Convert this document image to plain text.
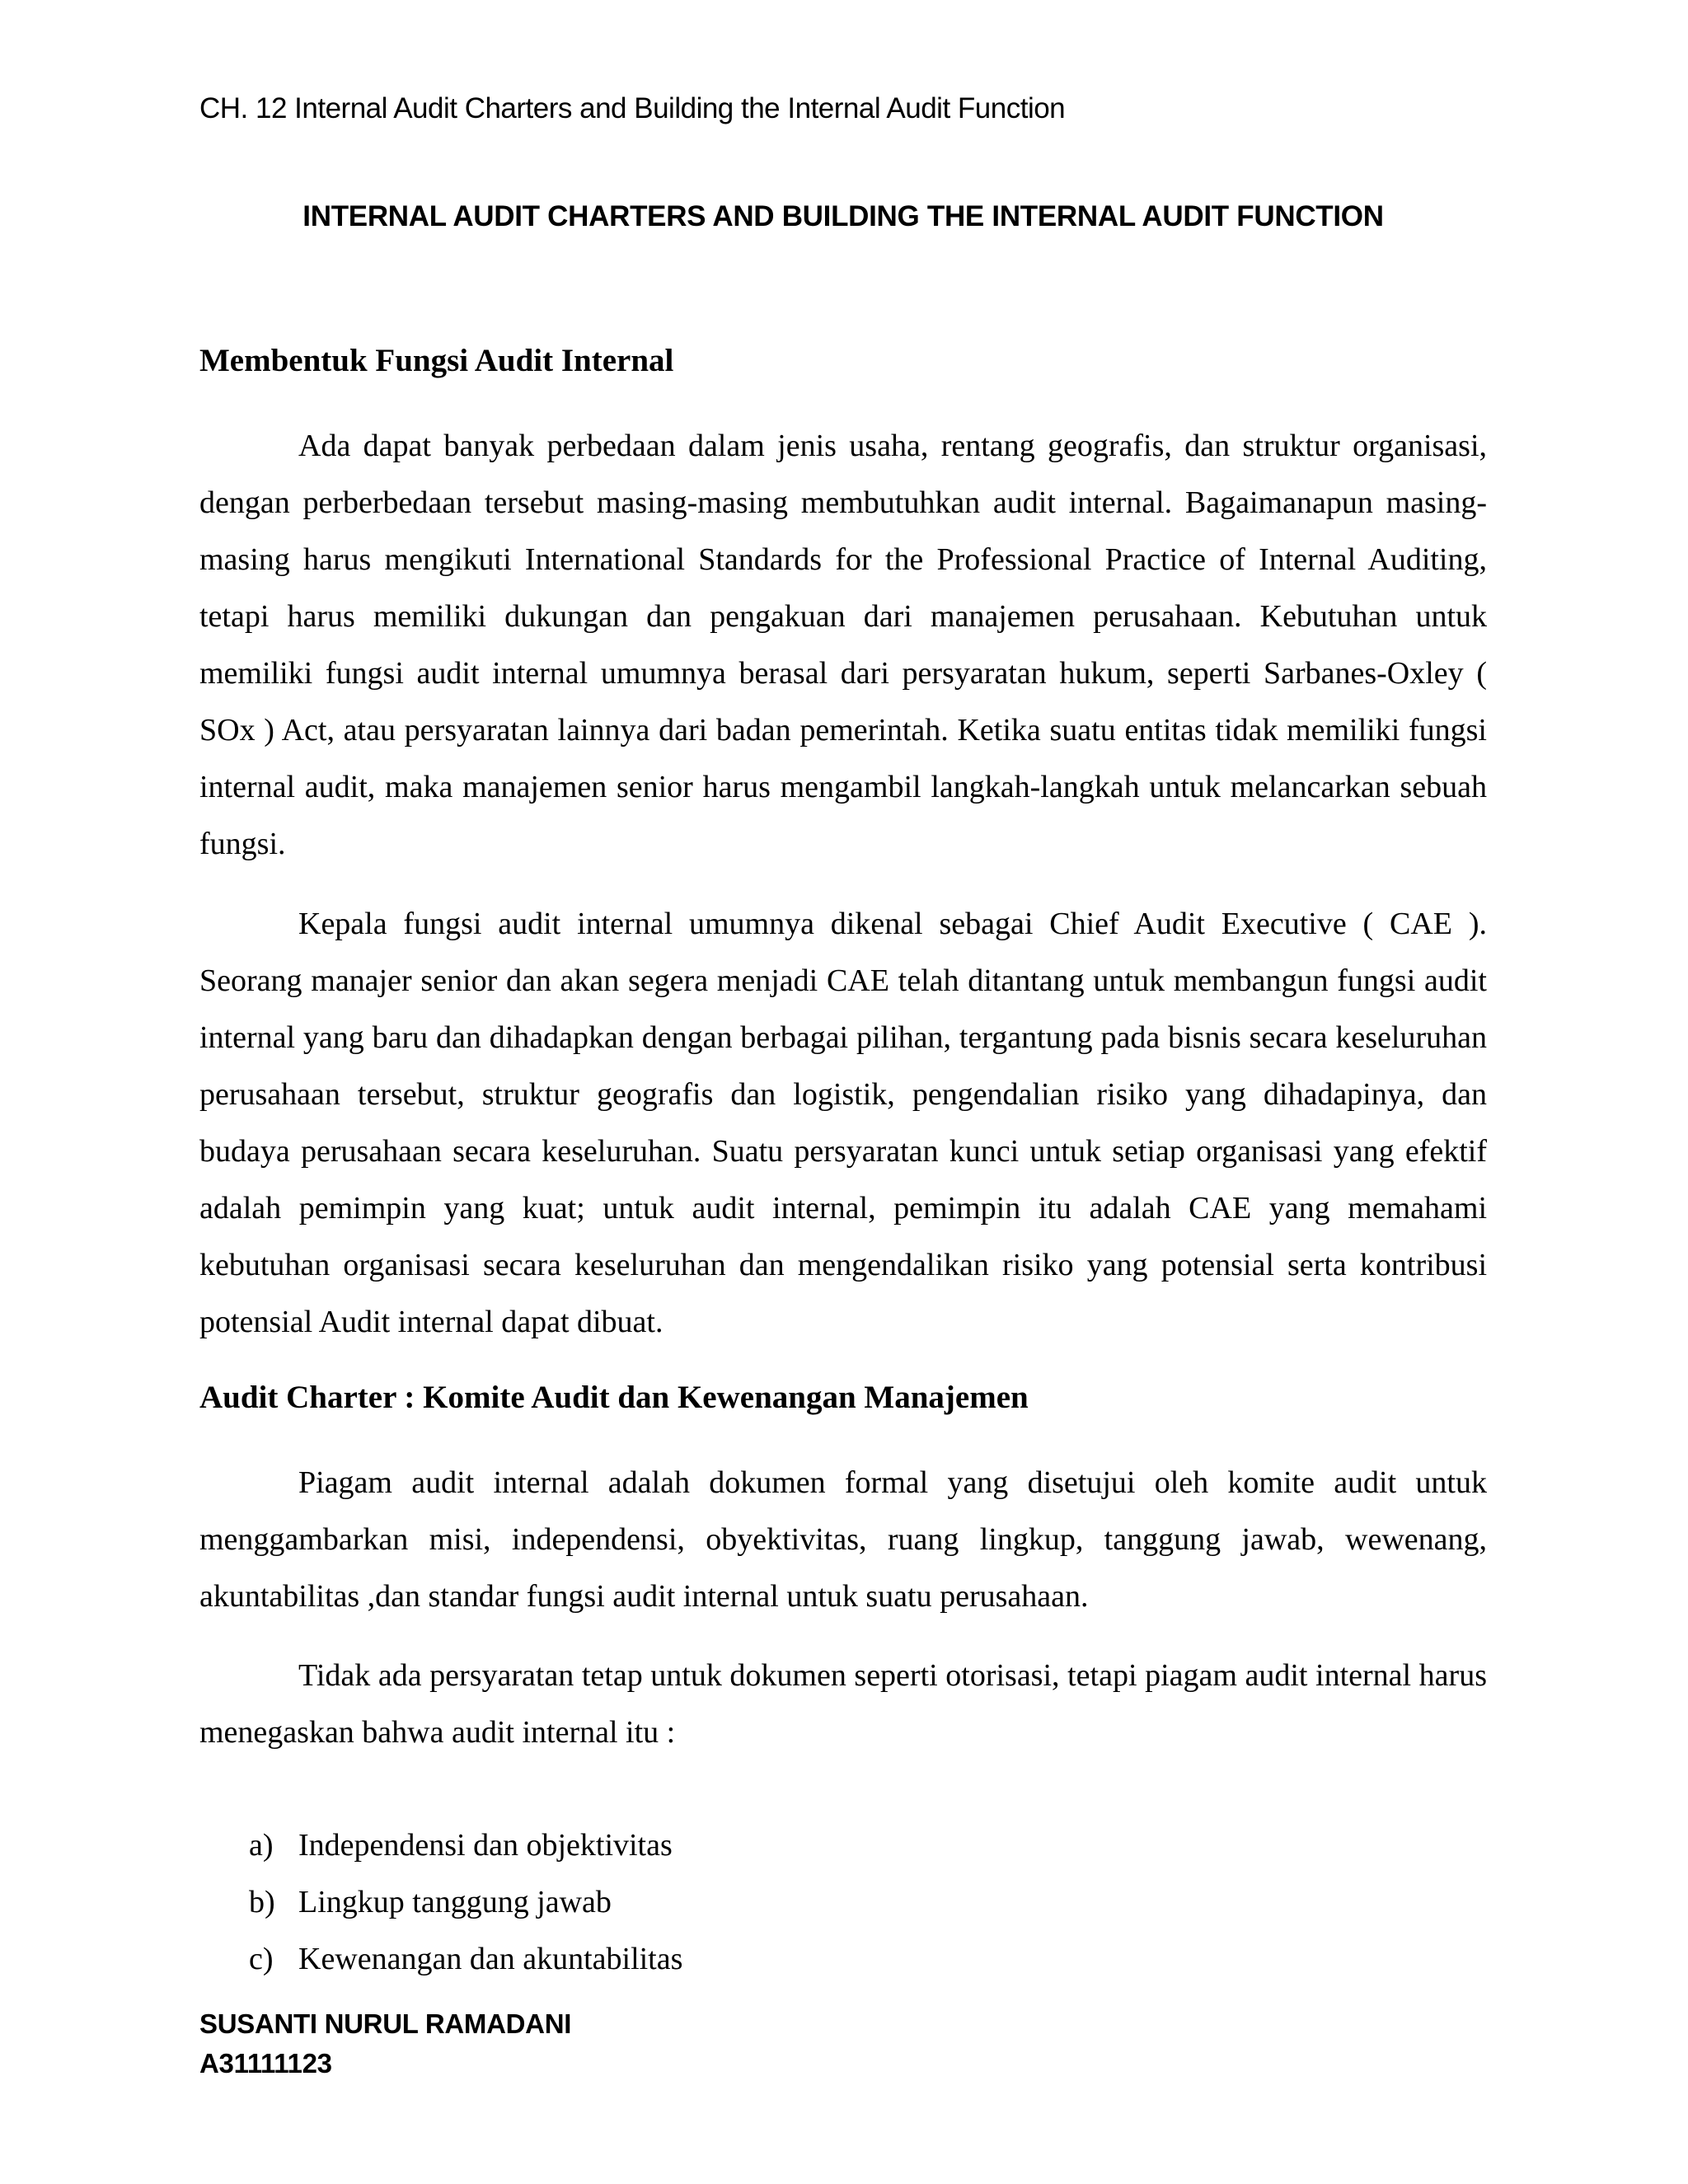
CH. 12 Internal Audit Charters and Building the Internal Audit Function
INTERNAL AUDIT CHARTERS AND BUILDING THE INTERNAL AUDIT FUNCTION
Membentuk Fungsi Audit Internal

Ada dapat banyak perbedaan dalam jenis usaha, rentang geografis, dan struktur organisasi, dengan perberbedaan tersebut masing-masing membutuhkan audit internal. Bagaimanapun masing-masing harus mengikuti International Standards for the Professional Practice of Internal Auditing, tetapi harus memiliki dukungan dan pengakuan dari manajemen perusahaan. Kebutuhan untuk memiliki fungsi audit internal umumnya berasal dari persyaratan hukum, seperti Sarbanes-Oxley ( SOx ) Act, atau persyaratan lainnya dari badan pemerintah. Ketika suatu entitas tidak memiliki fungsi internal audit, maka manajemen senior harus mengambil langkah-langkah untuk melancarkan sebuah fungsi.

Kepala fungsi audit internal umumnya dikenal sebagai Chief Audit Executive ( CAE ). Seorang manajer senior dan akan segera menjadi CAE telah ditantang untuk membangun fungsi audit internal yang baru dan dihadapkan dengan berbagai pilihan, tergantung pada bisnis secara keseluruhan perusahaan tersebut, struktur geografis dan logistik, pengendalian risiko yang dihadapinya, dan budaya perusahaan secara keseluruhan. Suatu persyaratan kunci untuk setiap organisasi yang efektif adalah pemimpin yang kuat; untuk audit internal, pemimpin itu adalah CAE yang memahami kebutuhan organisasi secara keseluruhan dan mengendalikan risiko yang potensial serta kontribusi potensial Audit internal dapat dibuat.

Audit Charter : Komite Audit dan Kewenangan Manajemen

Piagam audit internal adalah dokumen formal yang disetujui oleh komite audit untuk menggambarkan misi, independensi, obyektivitas, ruang lingkup, tanggung jawab, wewenang, akuntabilitas ,dan standar fungsi audit internal untuk suatu perusahaan.

Tidak ada persyaratan tetap untuk dokumen seperti otorisasi, tetapi piagam audit internal harus menegaskan bahwa audit internal itu :

a) Independensi dan objektivitas
b) Lingkup tanggung jawab
c) Kewenangan dan akuntabilitas
SUSANTI NURUL RAMADANI
A31111123
